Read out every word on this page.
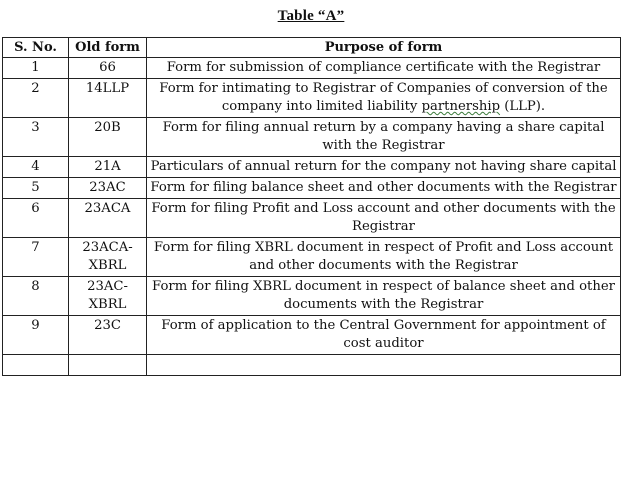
Table “A”
S. No.	Old form	Purpose of form
1	66	Form for submission of compliance certificate with the Registrar
2	14LLP	Form for intimating to Registrar of Companies of conversion of the company into limited liability partnership (LLP).
3	20B	Form for filing annual return by a company having a share capital with the Registrar
4	21A	Particulars of annual return for the company not having share capital
5	23AC	Form for filing balance sheet and other documents with the Registrar
6	23ACA	Form for filing Profit and Loss account and other documents with the Registrar
7	23ACA-XBRL	Form for filing XBRL document in respect of Profit and Loss account and other documents with the Registrar
8	23AC-XBRL	Form for filing XBRL document in respect of balance sheet and other documents with the Registrar
9	23C	Form of application to the Central Government for appointment of cost auditor
